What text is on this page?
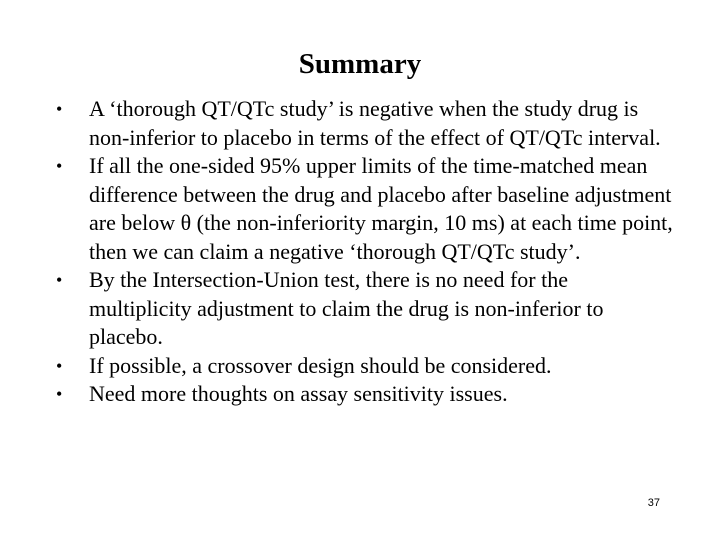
Summary
• A ‘thorough QT/QTc study’ is negative when the study drug is non-inferior to placebo in terms of the effect of QT/QTc interval.
• If all the one-sided 95% upper limits of the time-matched mean difference between the drug and placebo after baseline adjustment are below θ (the non-inferiority margin, 10 ms) at each time point, then we can claim a negative ‘thorough QT/QTc study’.
• By the Intersection-Union test, there is no need for the multiplicity adjustment to claim the drug is non-inferior to placebo.
• If possible, a crossover design should be considered.
• Need more thoughts on assay sensitivity issues.
37
